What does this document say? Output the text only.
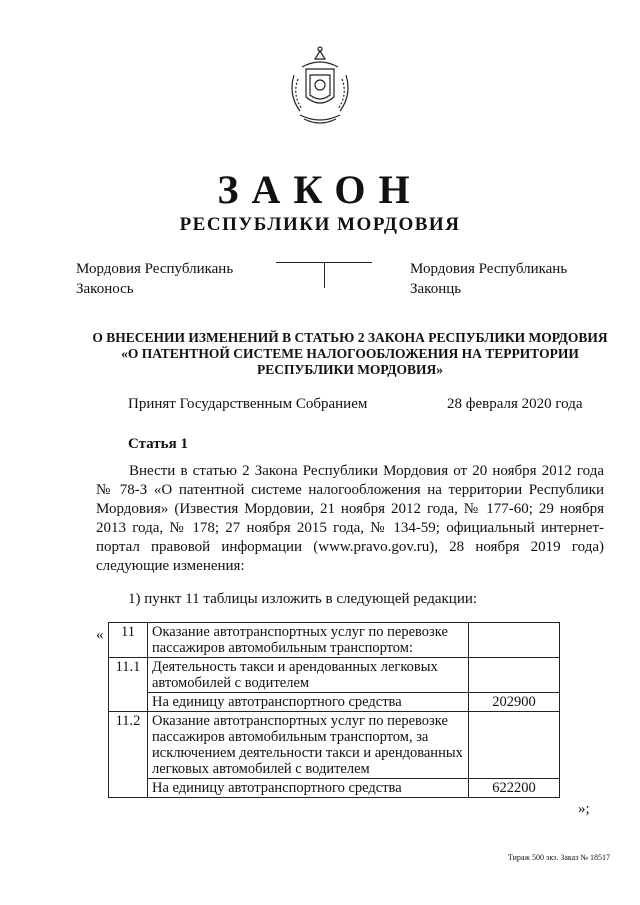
ЗАКОН
РЕСПУБЛИКИ МОРДОВИЯ
Мордовия Республикань
Законось
Мордовия Республикань
Законць
О ВНЕСЕНИИ ИЗМЕНЕНИЙ В СТАТЬЮ 2 ЗАКОНА РЕСПУБЛИКИ МОРДОВИЯ
«О ПАТЕНТНОЙ СИСТЕМЕ НАЛОГООБЛОЖЕНИЯ НА ТЕРРИТОРИИ
РЕСПУБЛИКИ МОРДОВИЯ»
Принят Государственным Собранием	28 февраля 2020 года
Статья 1
Внести в статью 2 Закона Республики Мордовия от 20 ноября 2012 года № 78-З «О патентной системе налогообложения на территории Республики Мордовия» (Известия Мордовии, 21 ноября 2012 года, № 177-60; 29 ноября 2013 года, № 178; 27 ноября 2015 года, № 134-59; официальный интернет-портал правовой информации (www.pravo.gov.ru), 28 ноября 2019 года) следующие изменения:
1) пункт 11 таблицы изложить в следующей редакции:
« 11	Оказание автотранспортных услуг по перевозке пассажиров автомобильным транспортом:	
11.1	Деятельность такси и арендованных легковых автомобилей с водителем	
	На единицу автотранспортного средства	202900
11.2	Оказание автотранспортных услуг по перевозке пассажиров автомобильным транспортом, за исключением деятельности такси и арендованных легковых автомобилей с водителем	
	На единицу автотранспортного средства	622200
»;
Тираж 500 экз. Заказ № 18517
